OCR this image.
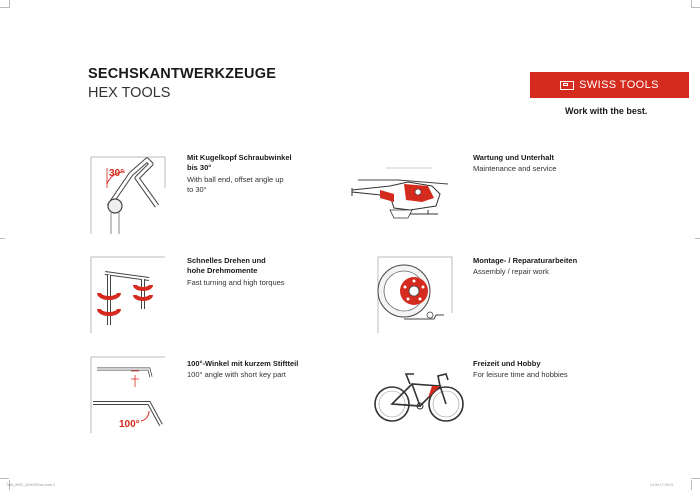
SECHSKANTWERKZEUGE
HEX TOOLS	SWISS TOOLS
Work with the best.
30°
Mit Kugelkopf Schraubwinkel
bis 30°
With ball end, offset angle up
to 30°
Wartung und Unterhalt
Maintenance and service
Schnelles Drehen und
hohe Drehmomente
Fast turning and high torques
Montage- / Reparaturarbeiten
Assembly / repair work
100°
100°-Winkel mit kurzem Stiftteil
100° angle with short key part
Freizeit und Hobby
For leisure time and hobbies
Tafel_8902_420x297mm.indd 4	14.06.17 09:01
